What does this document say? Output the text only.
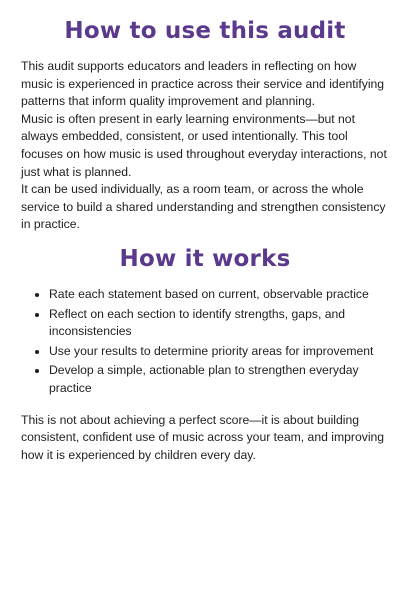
How to use this audit

This audit supports educators and leaders in reflecting on how music is experienced in practice across their service and identifying patterns that inform quality improvement and planning.

Music is often present in early learning environments—but not always embedded, consistent, or used intentionally. This tool focuses on how music is used throughout everyday interactions, not just what is planned.

It can be used individually, as a room team, or across the whole service to build a shared understanding and strengthen consistency in practice.

How it works
Rate each statement based on current, observable practice
Reflect on each section to identify strengths, gaps, and inconsistencies
Use your results to determine priority areas for improvement
Develop a simple, actionable plan to strengthen everyday practice

This is not about achieving a perfect score—it is about building consistent, confident use of music across your team, and improving how it is experienced by children every day.
